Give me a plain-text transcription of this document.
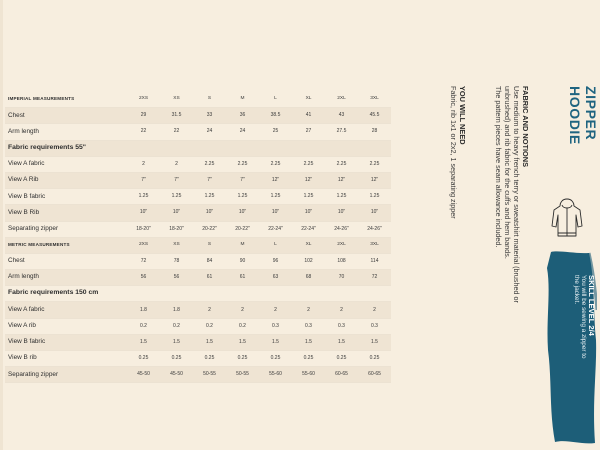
IMPERIAL MEASUREMENTS	2XS	XS	S	M	L	XL	2XL	3XL
Chest	29	31.5	33	36	38.5	41	43	45.5
Arm length	22	22	24	24	25	27	27.5	28
Fabric requirements 55"								
View A fabric	2	2	2.25	2.25	2.25	2.25	2.25	2.25
View A Rib	7"	7"	7"	7"	12"	12"	12"	12"
View B fabric	1.25	1.25	1.25	1.25	1.25	1.25	1.25	1.25
View B Rib	10"	10"	10"	10"	10"	10"	10"	10"
Separating zipper	18-20"	18-20"	20-22"	20-22"	22-24"	22-24"	24-26"	24-26"
METRIC MEASUREMENTS	2XS	XS	S	M	L	XL	2XL	3XL
Chest	72	78	84	90	96	102	108	114
Arm length	56	56	61	61	63	68	70	72
Fabric requirements 150 cm								
View A fabric	1.8	1.8	2	2	2	2	2	2
View A rib	0.2	0.2	0.2	0.2	0.3	0.3	0.3	0.3
View B fabric	1.5	1.5	1.5	1.5	1.5	1.5	1.5	1.5
View B rib	0.25	0.25	0.25	0.25	0.25	0.25	0.25	0.25
Separating zipper	45-50	45-50	50-55	50-55	55-60	55-60	60-65	60-65
ZIPPER
HOODIE
FABRIC AND NOTIONS
Use medium to heavy french terry or sweatshirt material (brushed or
unbrushed) and rib fabric for the cuffs and hem bands.
The pattern pieces have seam allowance included.
YOU WILL NEED
Fabric, rib 1x1 or 2x2, 1 separating zipper
SKILL LEVEL 2/4
You will be sewing a zipper to
the jacket.
